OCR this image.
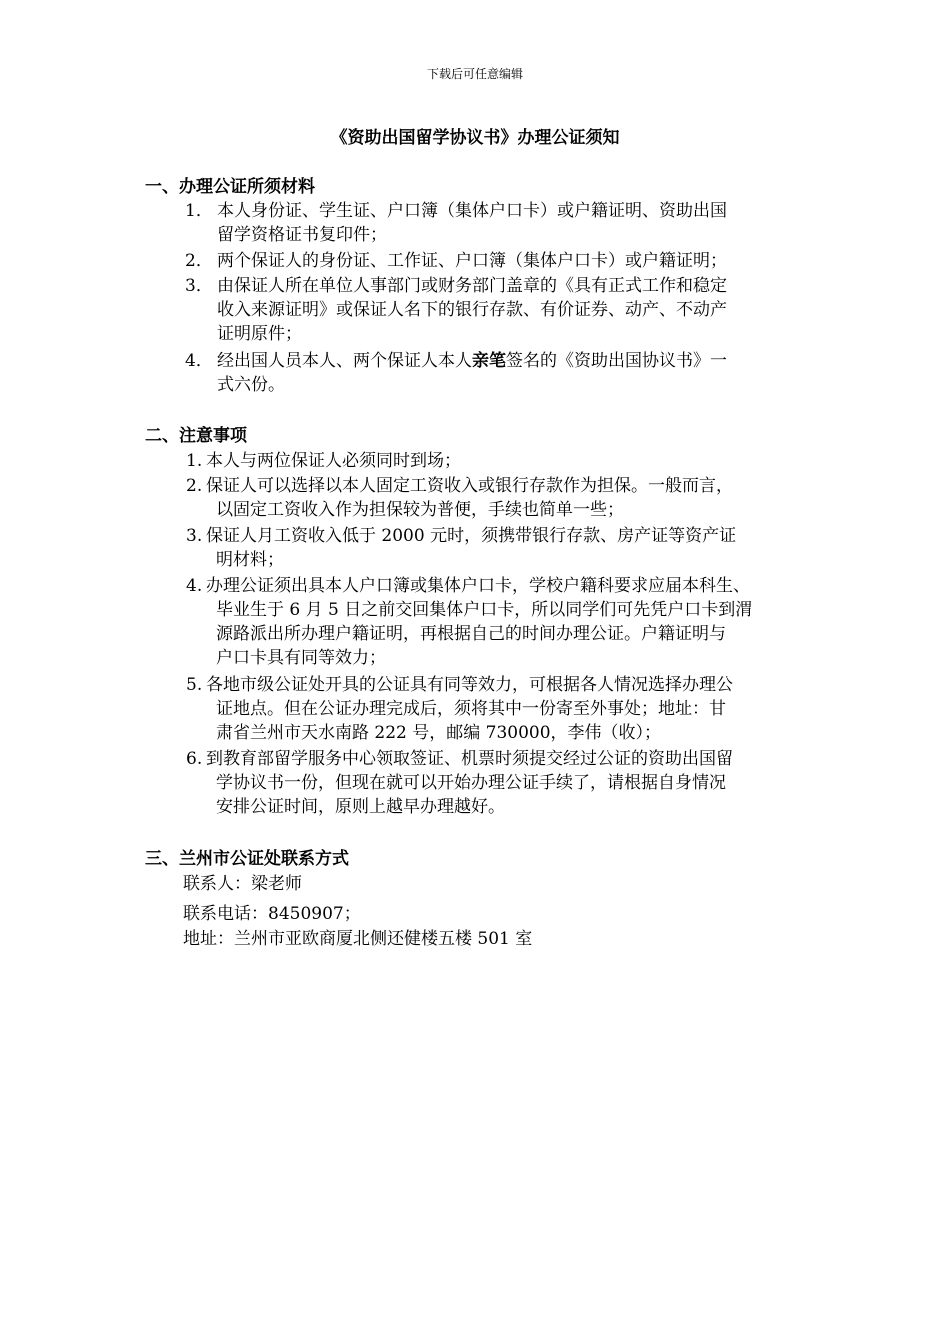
下载后可任意编辑
《资助出国留学协议书》办理公证须知
一、办理公证所须材料
1． 本人身份证、学生证、户口簿（集体户口卡）或户籍证明、资助出国
留学资格证书复印件；
2． 两个保证人的身份证、工作证、户口簿（集体户口卡）或户籍证明；
3． 由保证人所在单位人事部门或财务部门盖章的《具有正式工作和稳定
收入来源证明》或保证人名下的银行存款、有价证券、动产、不动产
证明原件；
4． 经出国人员本人、两个保证人本人亲笔签名的《资助出国协议书》一
式六份。
二、注意事项
1. 本人与两位保证人必须同时到场；
2. 保证人可以选择以本人固定工资收入或银行存款作为担保。一般而言，
以固定工资收入作为担保较为普便，手续也简单一些；
3. 保证人月工资收入低于 2000 元时，须携带银行存款、房产证等资产证
明材料；
4. 办理公证须出具本人户口簿或集体户口卡，学校户籍科要求应届本科生、
毕业生于 6 月 5 日之前交回集体户口卡，所以同学们可先凭户口卡到渭
源路派出所办理户籍证明，再根据自己的时间办理公证。户籍证明与
户口卡具有同等效力；
5. 各地市级公证处开具的公证具有同等效力，可根据各人情况选择办理公
证地点。但在公证办理完成后，须将其中一份寄至外事处；地址：甘
肃省兰州市天水南路 222 号，邮编 730000，李伟（收）；
6. 到教育部留学服务中心领取签证、机票时须提交经过公证的资助出国留
学协议书一份，但现在就可以开始办理公证手续了，请根据自身情况
安排公证时间，原则上越早办理越好。
三、兰州市公证处联系方式
联系人：梁老师
联系电话：8450907；
地址：兰州市亚欧商厦北侧还健楼五楼 501 室
